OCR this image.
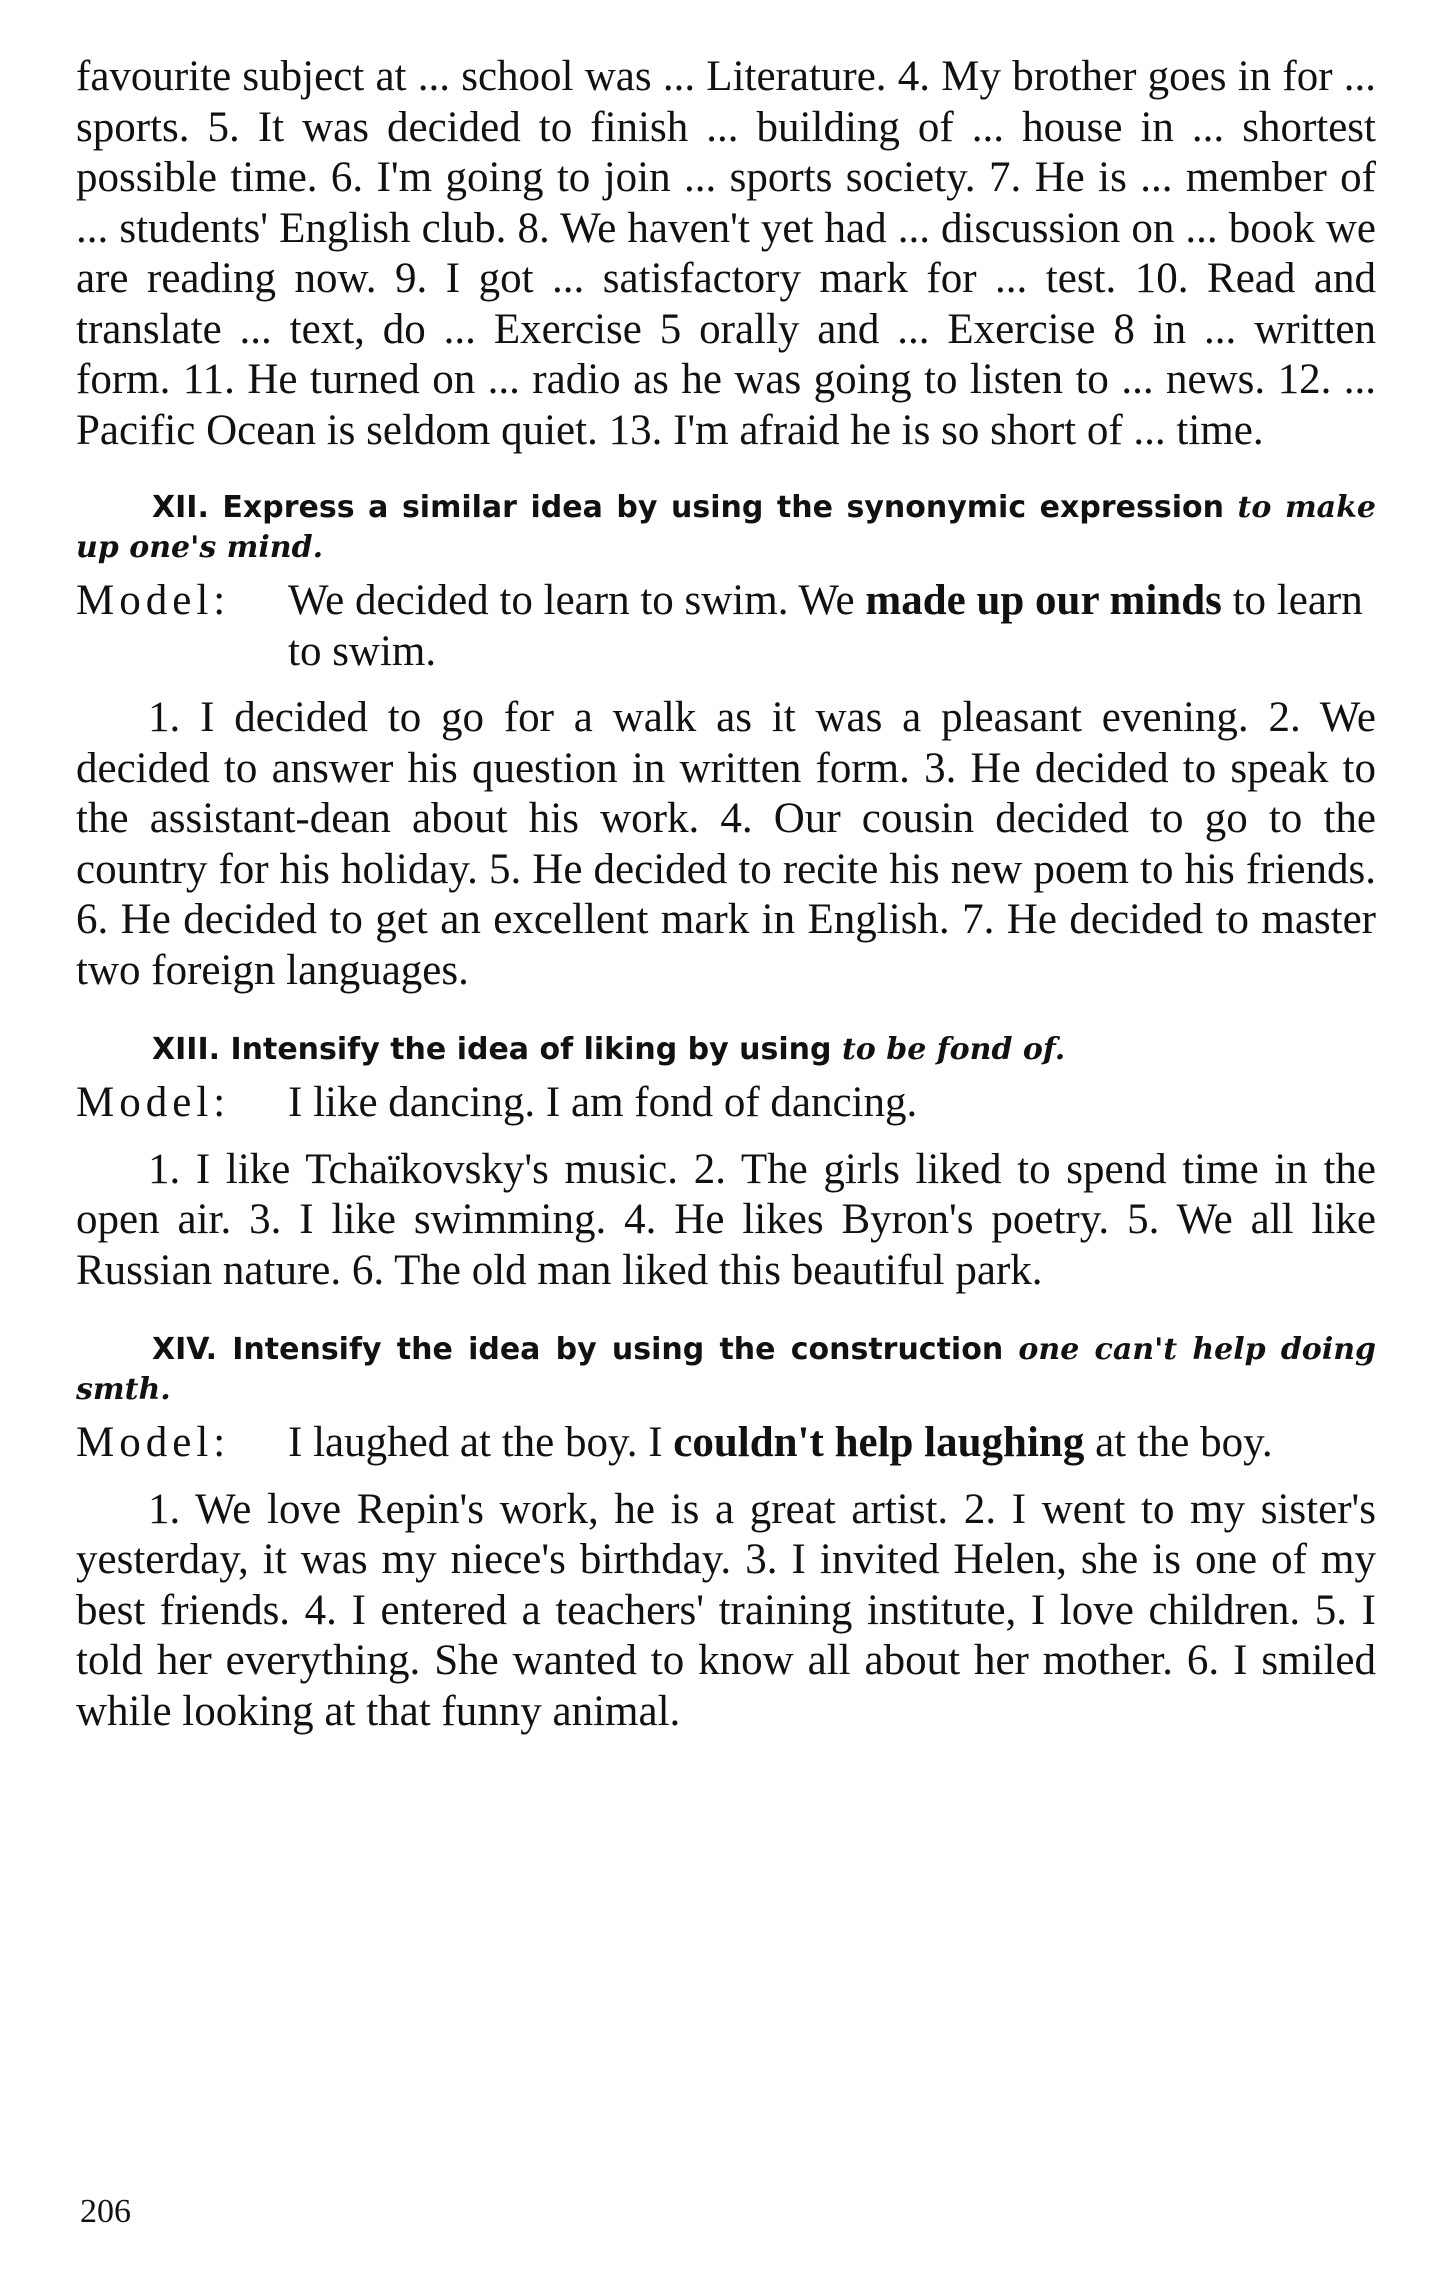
favourite subject at ... school was ... Literature. 4. My brother goes in for ... sports. 5. It was decided to finish ... building of ... house in ... shortest possible time. 6. I'm going to join ... sports society. 7. He is ... member of ... students' English club. 8. We haven't yet had ... discussion on ... book we are reading now. 9. I got ... satisfactory mark for ... test. 10. Read and translate ... text, do ... Exercise 5 orally and ... Exercise 8 in ... written form. 11. He turned on ... radio as he was going to listen to ... news. 12. ... Pacific Ocean is seldom quiet. 13. I'm afraid he is so short of ... time.

XII. Express a similar idea by using the synonymic expression to make up one's mind.

Model:	We decided to learn to swim. We made up our minds to learn to swim.

1. I decided to go for a walk as it was a pleasant evening. 2. We decided to answer his question in written form. 3. He decided to speak to the assistant-dean about his work. 4. Our cousin decided to go to the country for his holiday. 5. He decided to recite his new poem to his friends. 6. He decided to get an excellent mark in English. 7. He decided to master two foreign languages.

XIII. Intensify the idea of liking by using to be fond of.

Model:	I like dancing. I am fond of dancing.

1. I like Tchaïkovsky's music. 2. The girls liked to spend time in the open air. 3. I like swimming. 4. He likes Byron's poetry. 5. We all like Russian nature. 6. The old man liked this beautiful park.

XIV. Intensify the idea by using the construction one can't help doing smth.

Model:	I laughed at the boy. I couldn't help laughing at the boy.

1. We love Repin's work, he is a great artist. 2. I went to my sister's yesterday, it was my niece's birthday. 3. I invited Helen, she is one of my best friends. 4. I entered a teachers' training institute, I love children. 5. I told her everything. She wanted to know all about her mother. 6. I smiled while looking at that funny animal.

206
